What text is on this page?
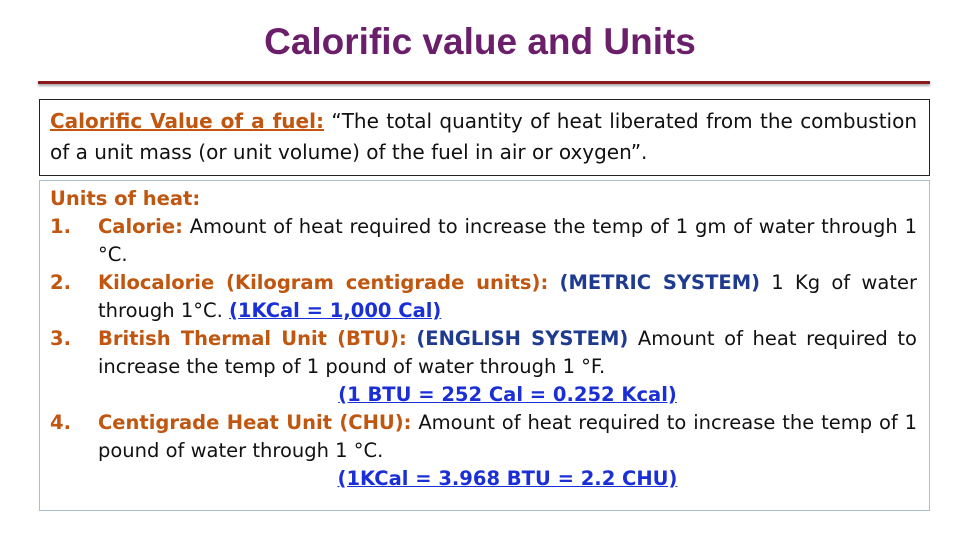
Calorific value and Units
Calorific Value of a fuel: “The total quantity of heat liberated from the combustion of a unit mass (or unit volume) of the fuel in air or oxygen”.

Units of heat:

1. Calorie: Amount of heat required to increase the temp of 1 gm of water through 1 °C.
2. Kilocalorie (Kilogram centigrade units): (METRIC SYSTEM) 1 Kg of water through 1°C. (1KCal = 1,000 Cal)
3. British Thermal Unit (BTU): (ENGLISH SYSTEM) Amount of heat required to increase the temp of 1 pound of water through 1 °F.
(1 BTU = 252 Cal = 0.252 Kcal)
4. Centigrade Heat Unit (CHU): Amount of heat required to increase the temp of 1 pound of water through 1 °C.
(1KCal = 3.968 BTU = 2.2 CHU)
